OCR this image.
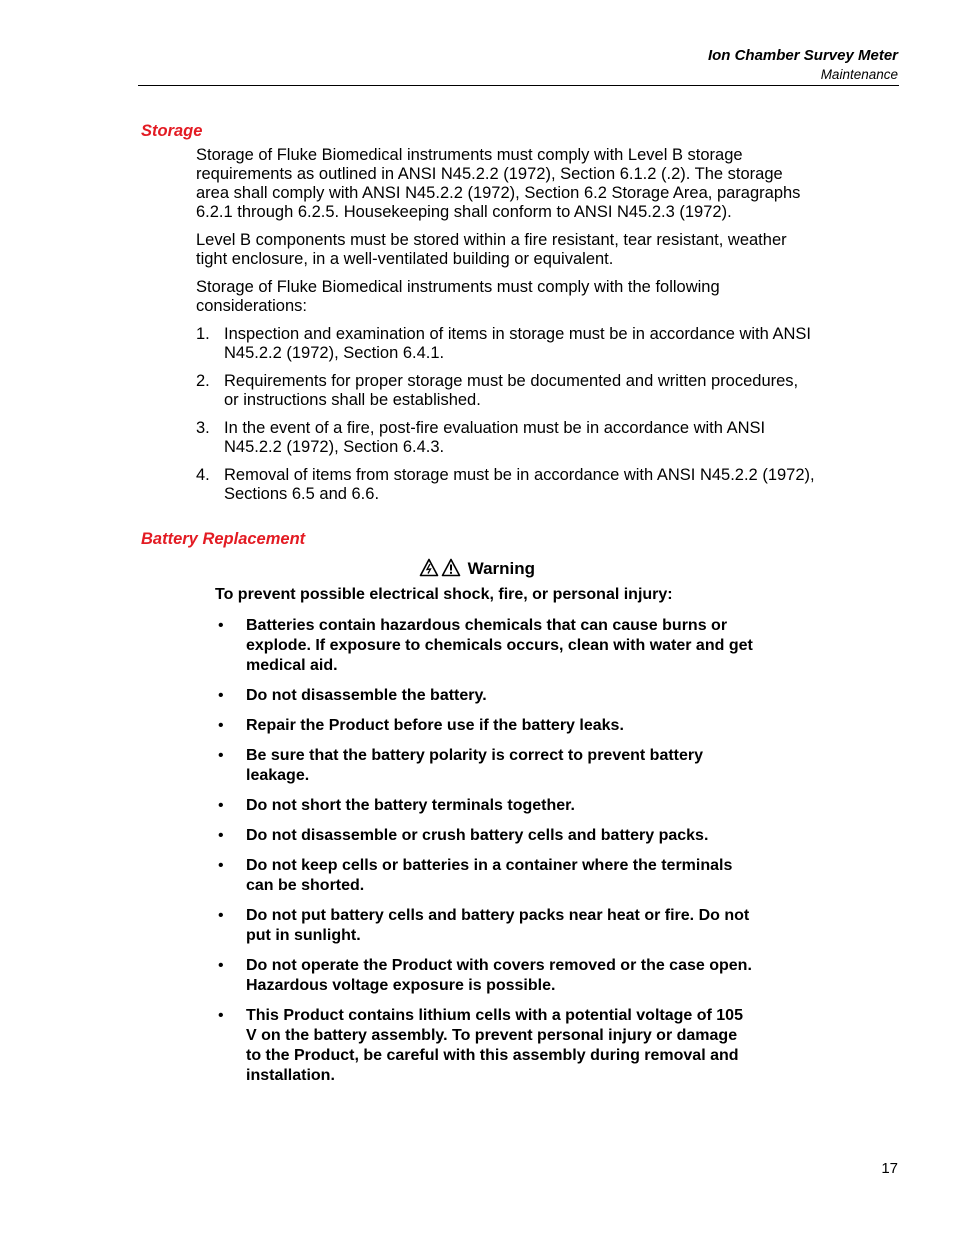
Ion Chamber Survey Meter
Maintenance
Storage

Storage of Fluke Biomedical instruments must comply with Level B storage requirements as outlined in ANSI N45.2.2 (1972), Section 6.1.2 (.2). The storage area shall comply with ANSI N45.2.2 (1972), Section 6.2 Storage Area, paragraphs 6.2.1 through 6.2.5. Housekeeping shall conform to ANSI N45.2.3 (1972).

Level B components must be stored within a fire resistant, tear resistant, weather tight enclosure, in a well-ventilated building or equivalent.

Storage of Fluke Biomedical instruments must comply with the following considerations:

1. Inspection and examination of items in storage must be in accordance with ANSI N45.2.2 (1972), Section 6.4.1.
2. Requirements for proper storage must be documented and written procedures, or instructions shall be established.
3. In the event of a fire, post-fire evaluation must be in accordance with ANSI N45.2.2 (1972), Section 6.4.3.
4. Removal of items from storage must be in accordance with ANSI N45.2.2 (1972), Sections 6.5 and 6.6.
Battery Replacement
Warning
To prevent possible electrical shock, fire, or personal injury:
• Batteries contain hazardous chemicals that can cause burns or explode. If exposure to chemicals occurs, clean with water and get medical aid.
• Do not disassemble the battery.
• Repair the Product before use if the battery leaks.
• Be sure that the battery polarity is correct to prevent battery leakage.
• Do not short the battery terminals together.
• Do not disassemble or crush battery cells and battery packs.
• Do not keep cells or batteries in a container where the terminals can be shorted.
• Do not put battery cells and battery packs near heat or fire. Do not put in sunlight.
• Do not operate the Product with covers removed or the case open. Hazardous voltage exposure is possible.
• This Product contains lithium cells with a potential voltage of 105 V on the battery assembly. To prevent personal injury or damage to the Product, be careful with this assembly during removal and installation.
17
